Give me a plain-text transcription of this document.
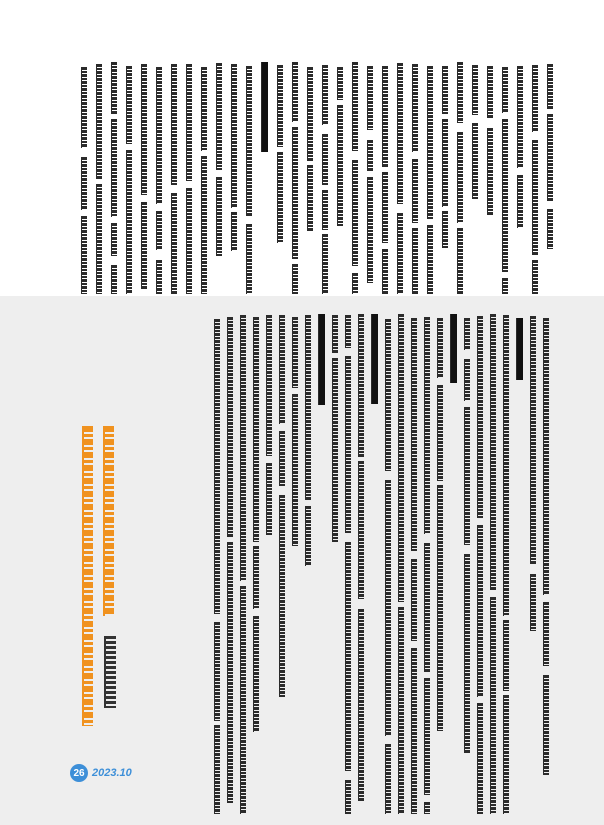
26 2023.10
